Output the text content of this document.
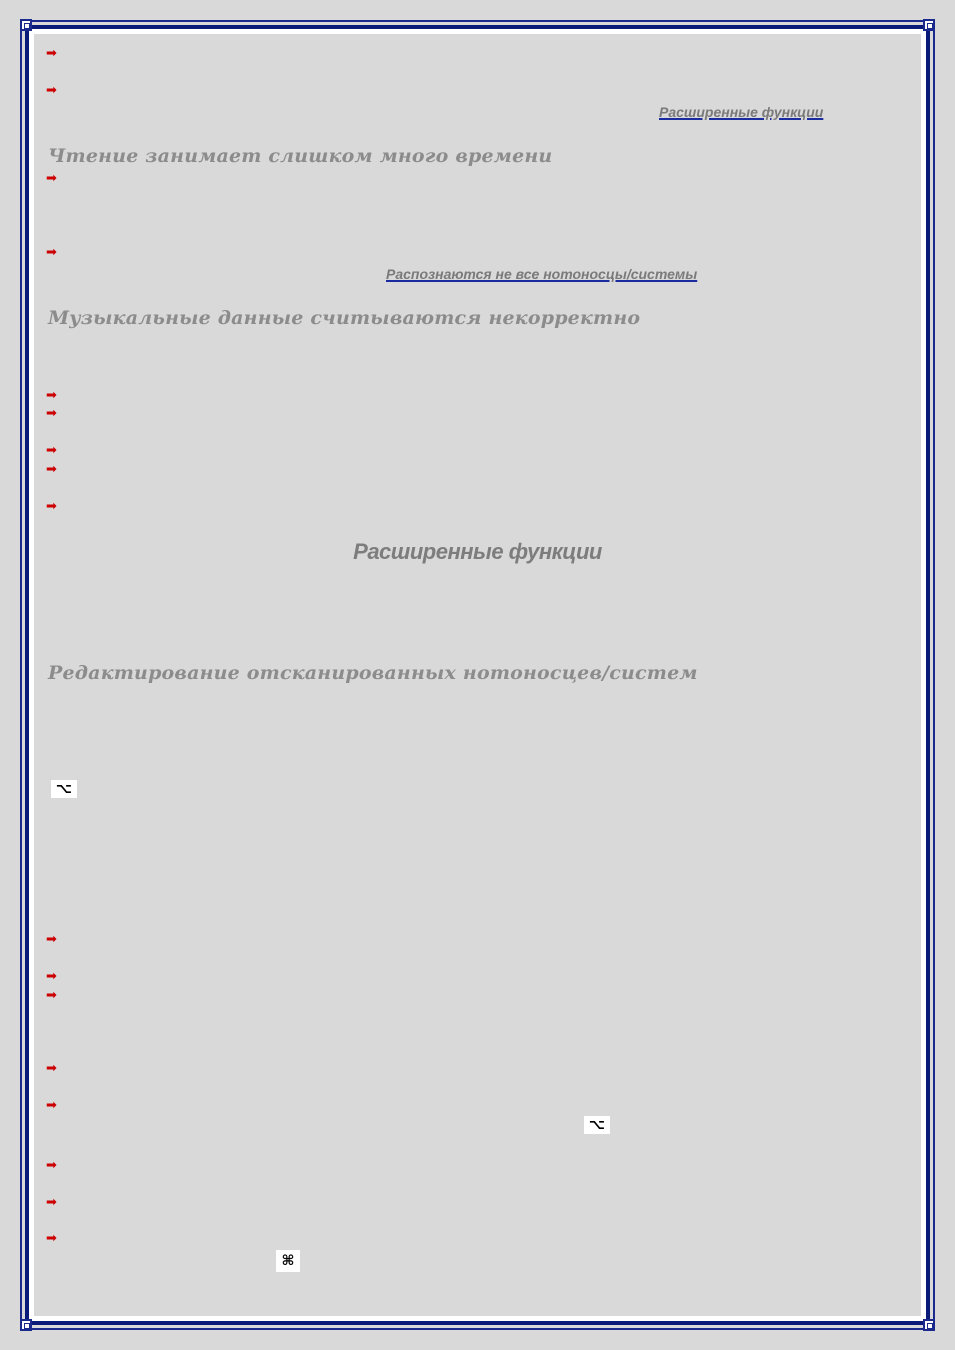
➡
➡
Расширенные функции
Чтение занимает слишком много времени
➡
➡
Распознаются не все нотоносцы/системы
Музыкальные данные считываются некорректно
➡
➡
➡
➡
➡
Расширенные функции
Редактирование отсканированных нотоносцев/систем
⌥
➡
➡
➡
➡
➡
⌥
➡
➡
➡
⌘
